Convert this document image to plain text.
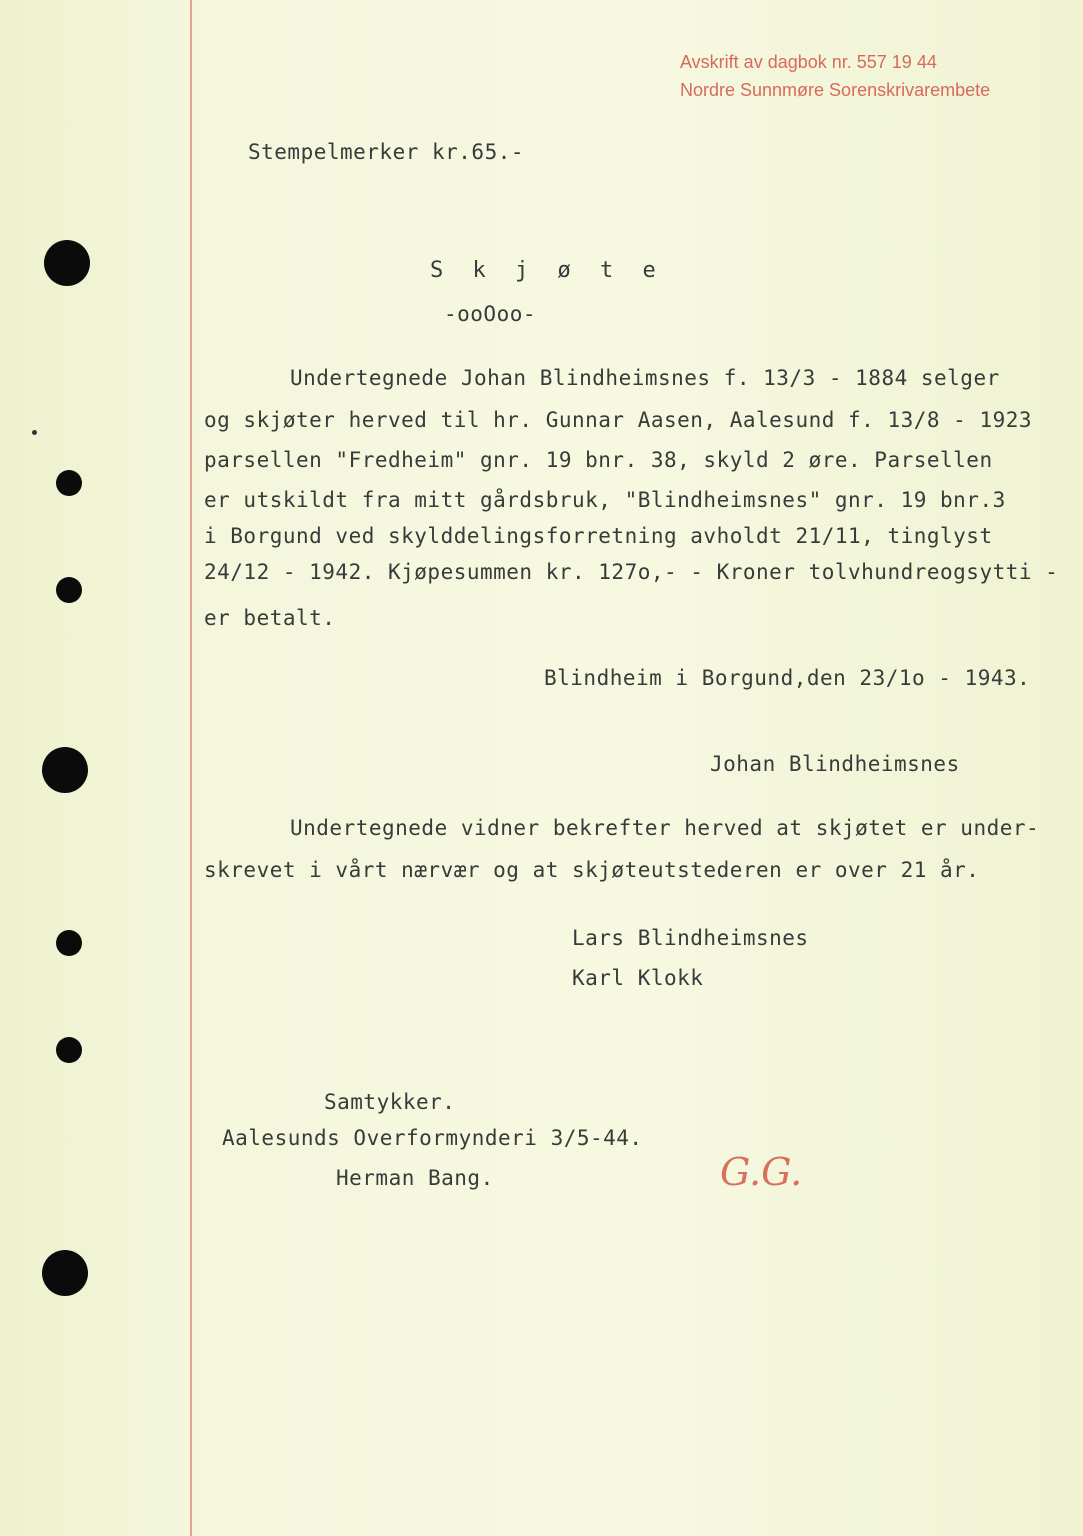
Avskrift av dagbok nr. 557 19 44
Nordre Sunnmøre Sorenskrivarembete
Stempelmerker kr.65.-
S k j ø t e
-ooOoo-
Undertegnede Johan Blindheimsnes f. 13/3 - 1884 selger
og skjøter herved til hr. Gunnar Aasen, Aalesund f. 13/8 - 1923
parsellen "Fredheim" gnr. 19 bnr. 38, skyld 2 øre. Parsellen
er utskildt fra mitt gårdsbruk, "Blindheimsnes" gnr. 19 bnr.3
i Borgund ved skylddelingsforretning avholdt 21/11, tinglyst
24/12 - 1942. Kjøpesummen kr. 127o,- - Kroner tolvhundreogsytti -
er betalt.
Blindheim i Borgund,den 23/1o - 1943.
Johan Blindheimsnes
Undertegnede vidner bekrefter herved at skjøtet er under-
skrevet i vårt nærvær og at skjøteutstederen er over 21 år.
Lars Blindheimsnes
Karl Klokk
Samtykker.
Aalesunds Overformynderi 3/5-44.
Herman Bang.	G.G.
